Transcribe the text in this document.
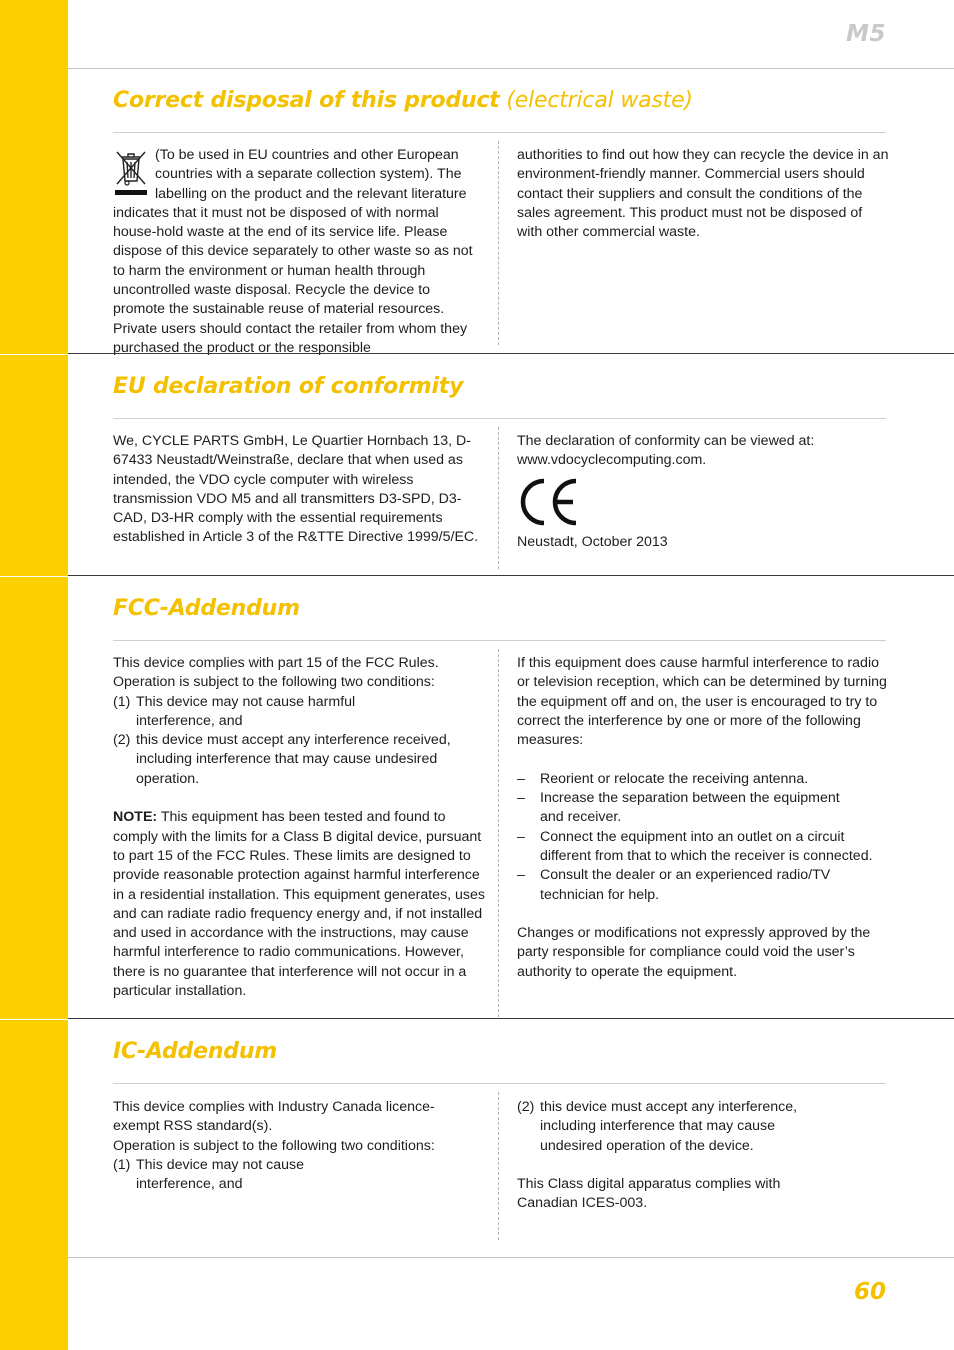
M5
Correct disposal of this product (electrical waste)

(To be used in EU countries and other European countries with a separate collection system). The labelling on the product and the relevant literature indicates that it must not be disposed of with normal house-hold waste at the end of its service life. Please dispose of this device separately to other waste so as not to harm the environment or human health through uncontrolled waste disposal. Recycle the device to promote the sustainable reuse of material resources. Private users should contact the retailer from whom they purchased the product or the responsible

authorities to find out how they can recycle the device in an environment-friendly manner. Commercial users should contact their suppliers and consult the conditions of the sales agreement. This product must not be disposed of with other commercial waste.

EU declaration of conformity

We, CYCLE PARTS GmbH, Le Quartier Hornbach 13, D-67433 Neustadt/Weinstraße, declare that when used as intended, the VDO cycle computer with wireless transmission VDO M5 and all transmitters D3-SPD, D3-CAD, D3-HR comply with the essential requirements established in Article 3 of the R&TTE Directive 1999/5/EC.

The declaration of conformity can be viewed at:

www.vdocyclecomputing.com.

Neustadt, October 2013

FCC-Addendum

This device complies with part 15 of the FCC Rules.

Operation is subject to the following two conditions:

(1) This device may not cause harmful interference, and
(2) this device must accept any interference received, including interference that may cause undesired operation.

NOTE: This equipment has been tested and found to comply with the limits for a Class B digital device, pursuant to part 15 of the FCC Rules. These limits are designed to provide reasonable protection against harmful interference in a residential installation. This equipment generates, uses and can radiate radio frequency energy and, if not installed and used in accordance with the instructions, may cause harmful interference to radio communications. However, there is no guarantee that interference will not occur in a particular installation.

If this equipment does cause harmful interference to radio or television reception, which can be determined by turning the equipment off and on, the user is encouraged to try to correct the interference by one or more of the following measures:

–	Reorient or relocate the receiving antenna.
–	Increase the separation between the equipment and receiver.
–	Connect the equipment into an outlet on a circuit different from that to which the receiver is connected.
–	Consult the dealer or an experienced radio/TV technician for help.

Changes or modifications not expressly approved by the party responsible for compliance could void the user’s authority to operate the equipment.

IC-Addendum

This device complies with Industry Canada licence-exempt RSS standard(s).

Operation is subject to the following two conditions:

(1) This device may not cause interference, and
(2) this device must accept any interference, including interference that may cause undesired operation of the device.

This Class digital apparatus complies with Canadian ICES-003.

60
